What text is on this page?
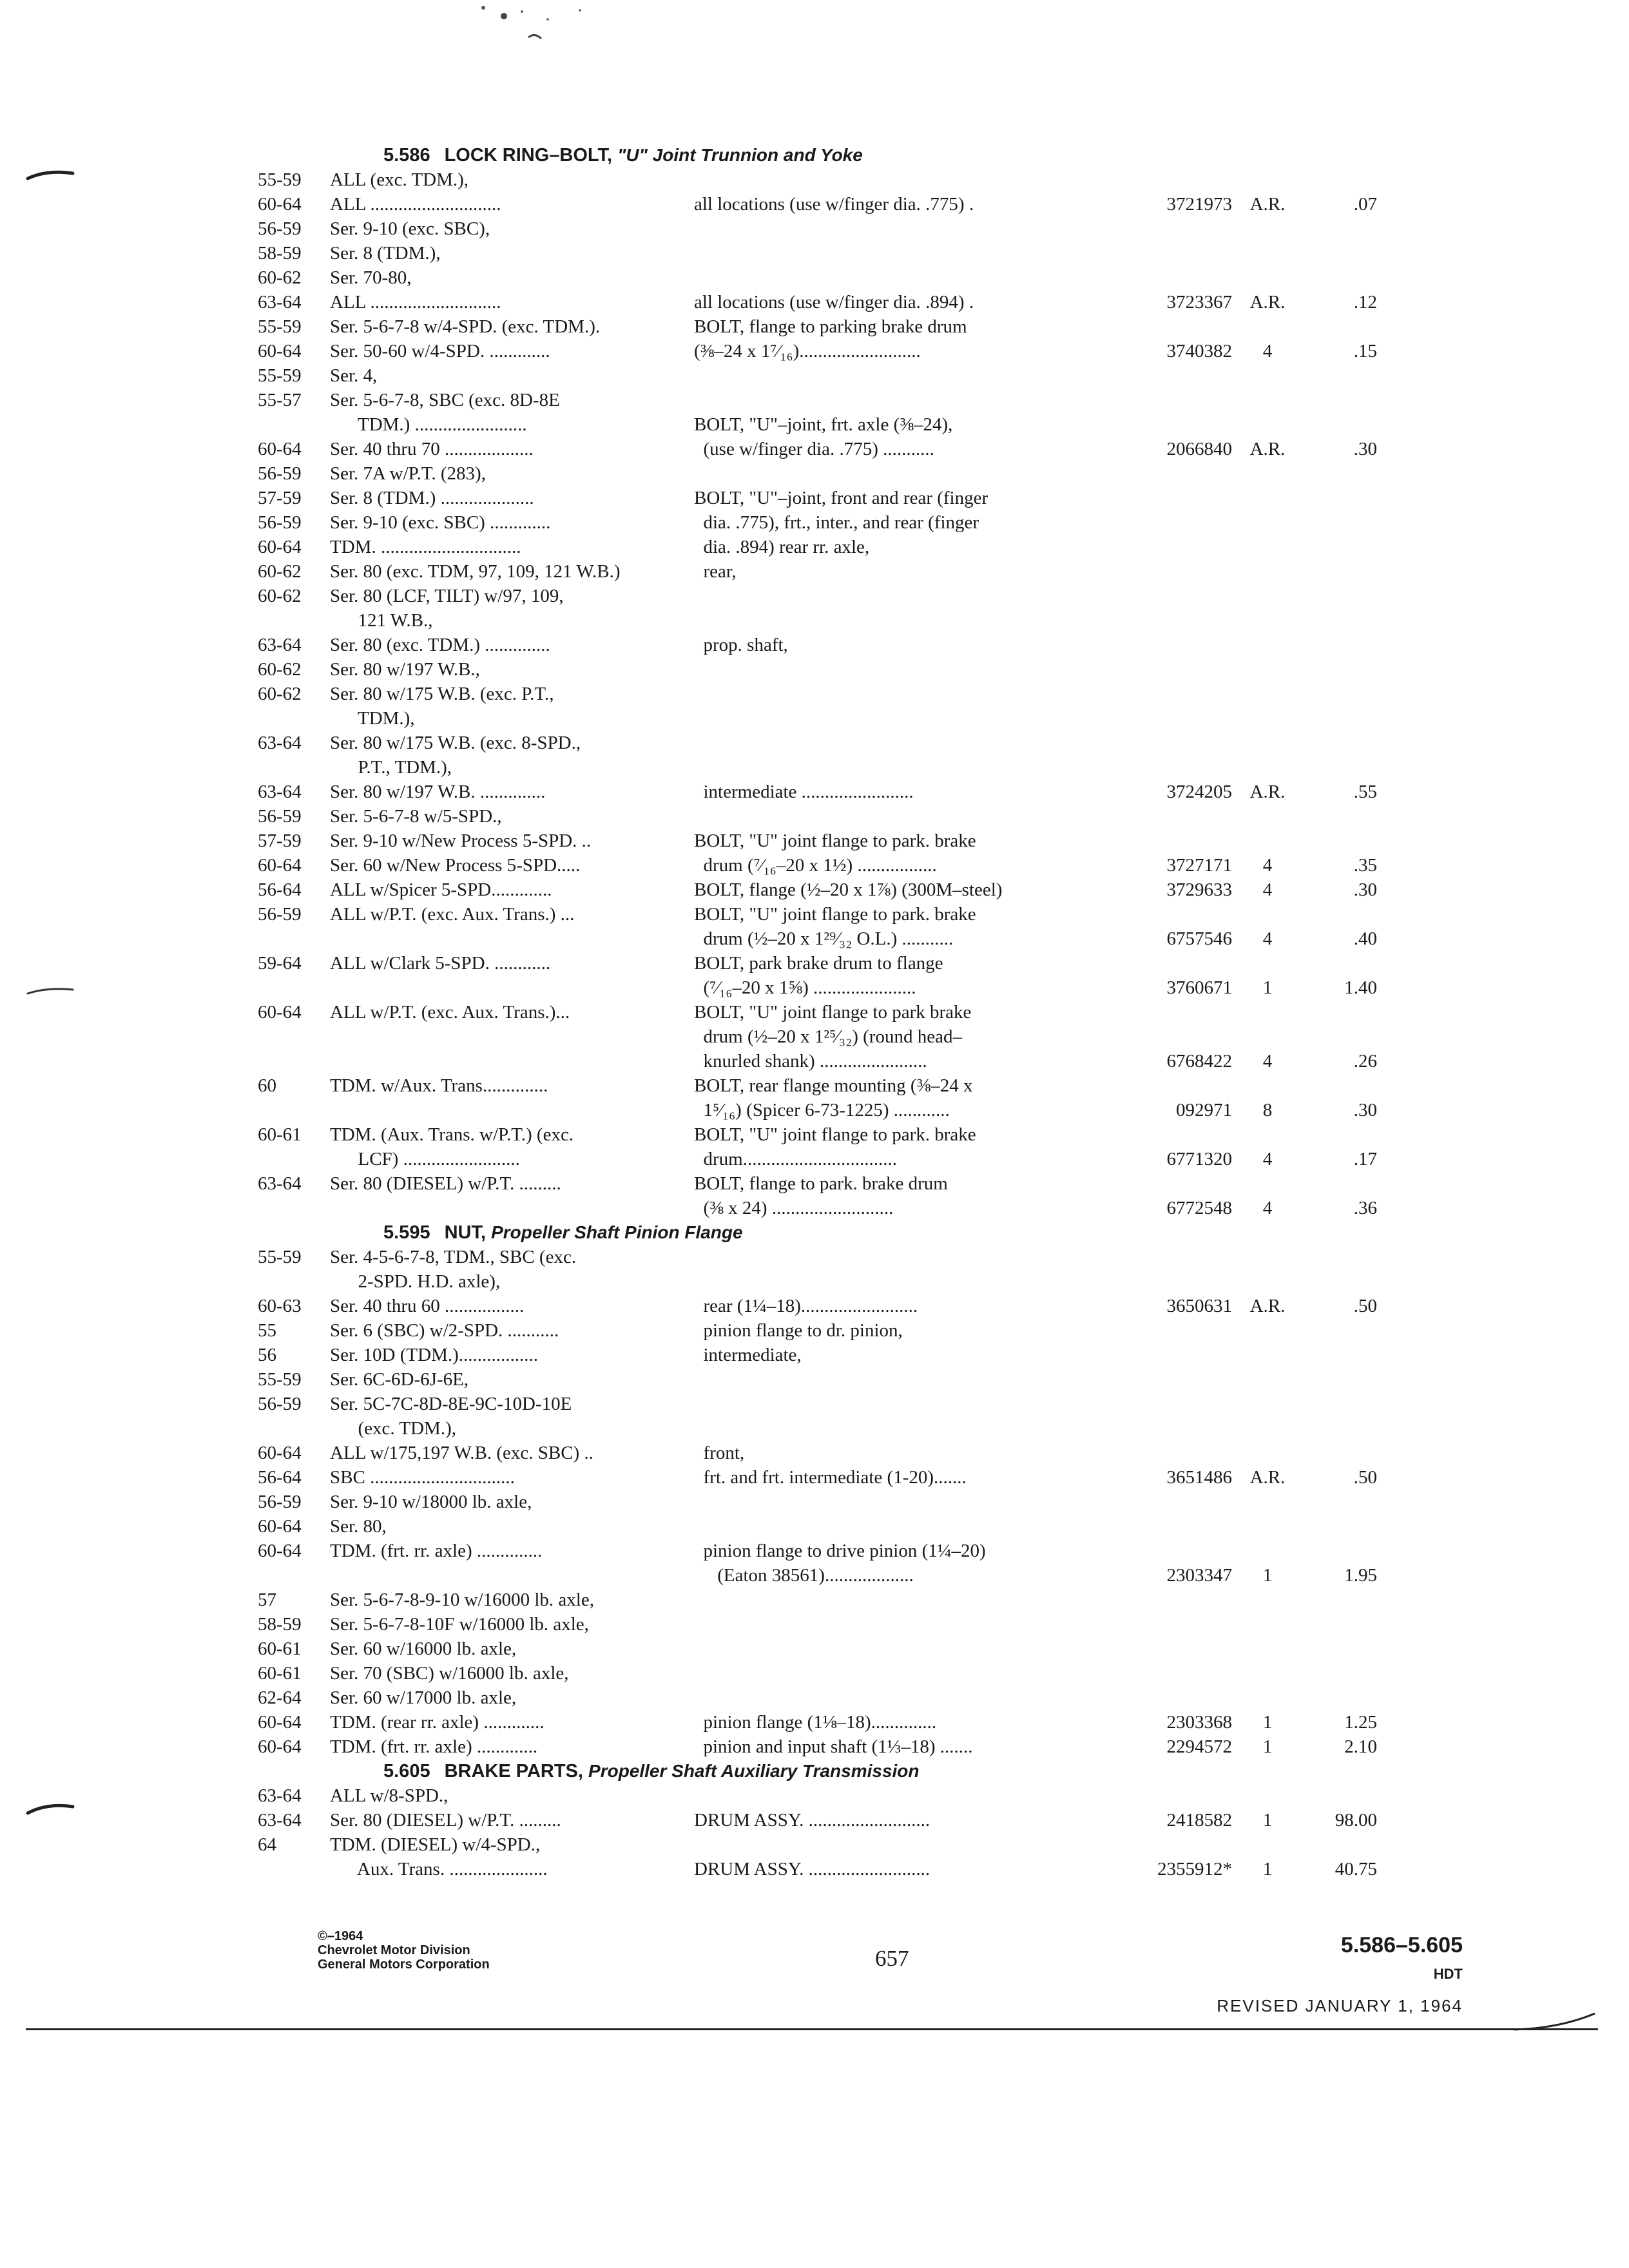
5.586 LOCK RING–BOLT, "U" Joint Trunnion and Yoke
55-59	ALL (exc. TDM.),
60-64	ALL ............................	all locations (use w/finger dia. .775) .	3721973 A.R.	.07
56-59	Ser. 9-10 (exc. SBC),
58-59	Ser. 8 (TDM.),
60-62	Ser. 70-80,
63-64	ALL ............................	all locations (use w/finger dia. .894) .	3723367 A.R.	.12
55-59	Ser. 5-6-7-8 w/4-SPD. (exc. TDM.).	BOLT, flange to parking brake drum
60-64	Ser. 50-60 w/4-SPD. .............	(⅜–24 x 1⁷⁄₁₆)..........................	3740382	4	.15
55-59	Ser. 4,
55-57	Ser. 5-6-7-8, SBC (exc. 8D-8E
TDM.) ........................	BOLT, "U"–joint, frt. axle (⅜–24),
60-64	Ser. 40 thru 70 ...................	(use w/finger dia. .775) ...........	2066840 A.R.	.30
56-59	Ser. 7A w/P.T. (283),
57-59	Ser. 8 (TDM.) ....................	BOLT, "U"–joint, front and rear (finger
56-59	Ser. 9-10 (exc. SBC) .............	dia. .775), frt., inter., and rear (finger
60-64	TDM. ..............................	dia. .894) rear rr. axle,
60-62	Ser. 80 (exc. TDM, 97, 109, 121 W.B.)	rear,
60-62	Ser. 80 (LCF, TILT) w/97, 109,
121 W.B.,
63-64	Ser. 80 (exc. TDM.) ..............	prop. shaft,
60-62	Ser. 80 w/197 W.B.,
60-62	Ser. 80 w/175 W.B. (exc. P.T.,
TDM.),
63-64	Ser. 80 w/175 W.B. (exc. 8-SPD.,
P.T., TDM.),
63-64	Ser. 80 w/197 W.B. ..............	intermediate ........................	3724205 A.R.	.55
56-59	Ser. 5-6-7-8 w/5-SPD.,
57-59	Ser. 9-10 w/New Process 5-SPD. ..	BOLT, "U" joint flange to park. brake
60-64	Ser. 60 w/New Process 5-SPD.....	drum (⁷⁄₁₆–20 x 1½) .................	3727171	4	.35
56-64	ALL w/Spicer 5-SPD.............	BOLT, flange (½–20 x 1⅞) (300M–steel)	3729633	4	.30
56-59	ALL w/P.T. (exc. Aux. Trans.) ...	BOLT, "U" joint flange to park. brake
drum (½–20 x 1²⁹⁄₃₂ O.L.) ...........	6757546	4	.40
59-64	ALL w/Clark 5-SPD. ............	BOLT, park brake drum to flange
(⁷⁄₁₆–20 x 1⅝) ......................	3760671	1	1.40
60-64	ALL w/P.T. (exc. Aux. Trans.)...	BOLT, "U" joint flange to park brake
drum (½–20 x 1²⁵⁄₃₂) (round head–
knurled shank) .......................	6768422	4	.26
60	TDM. w/Aux. Trans..............	BOLT, rear flange mounting (⅜–24 x
1⁵⁄₁₆) (Spicer 6-73-1225) ............	092971	8	.30
60-61	TDM. (Aux. Trans. w/P.T.) (exc.	BOLT, "U" joint flange to park. brake
LCF) .........................	drum.................................	6771320	4	.17
63-64	Ser. 80 (DIESEL) w/P.T. .........	BOLT, flange to park. brake drum
(⅜ x 24) ..........................	6772548	4	.36
5.595 NUT, Propeller Shaft Pinion Flange
55-59	Ser. 4-5-6-7-8, TDM., SBC (exc.
2-SPD. H.D. axle),
60-63	Ser. 40 thru 60 .................	rear (1¼–18).........................	3650631 A.R.	.50
55	Ser. 6 (SBC) w/2-SPD. ...........	pinion flange to dr. pinion,
56	Ser. 10D (TDM.).................	intermediate,
55-59	Ser. 6C-6D-6J-6E,
56-59	Ser. 5C-7C-8D-8E-9C-10D-10E
(exc. TDM.),
60-64	ALL w/175,197 W.B. (exc. SBC) ..	front,
56-64	SBC ...............................	frt. and frt. intermediate (1-20).......	3651486 A.R.	.50
56-59	Ser. 9-10 w/18000 lb. axle,
60-64	Ser. 80,
60-64	TDM. (frt. rr. axle) ..............	pinion flange to drive pinion (1¼–20)
(Eaton 38561)...................	2303347	1	1.95
57	Ser. 5-6-7-8-9-10 w/16000 lb. axle,
58-59	Ser. 5-6-7-8-10F w/16000 lb. axle,
60-61	Ser. 60 w/16000 lb. axle,
60-61	Ser. 70 (SBC) w/16000 lb. axle,
62-64	Ser. 60 w/17000 lb. axle,
60-64	TDM. (rear rr. axle) .............	pinion flange (1⅛–18)..............	2303368	1	1.25
60-64	TDM. (frt. rr. axle) .............	pinion and input shaft (1⅓–18) .......	2294572	1	2.10
5.605 BRAKE PARTS, Propeller Shaft Auxiliary Transmission
63-64	ALL w/8-SPD.,
63-64	Ser. 80 (DIESEL) w/P.T. .........	DRUM ASSY. ..........................	2418582	1	98.00
64	TDM. (DIESEL) w/4-SPD.,
Aux. Trans. .....................	DRUM ASSY. ..........................	2355912*	1	40.75
©–1964
Chevrolet Motor Division
General Motors Corporation	657
5.586–5.605
HDT
REVISED JANUARY 1, 1964
